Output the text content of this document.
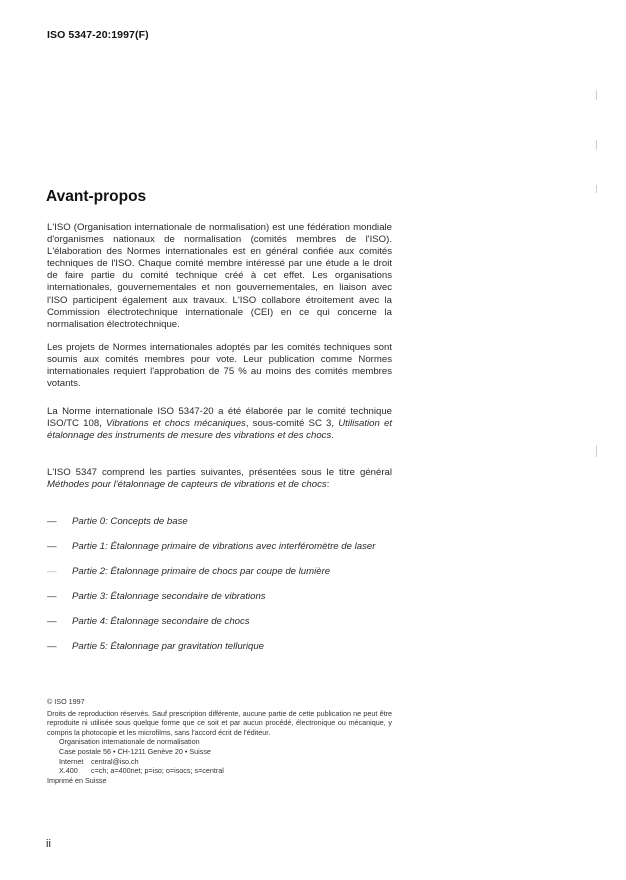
ISO 5347-20:1997(F)
Avant-propos

L'ISO (Organisation internationale de normalisation) est une fédération mondiale d'organismes nationaux de normalisation (comités membres de l'ISO). L'élaboration des Normes internationales est en général confiée aux comités techniques de l'ISO. Chaque comité membre intéressé par une étude a le droit de faire partie du comité technique créé à cet effet. Les organisations internationales, gouvernementales et non gouvernementales, en liaison avec l'ISO participent également aux travaux. L'ISO collabore étroitement avec la Commission électrotechnique internationale (CEI) en ce qui concerne la normalisation électrotechnique.

Les projets de Normes internationales adoptés par les comités techniques sont soumis aux comités membres pour vote. Leur publication comme Normes internationales requiert l'approbation de 75 % au moins des comités membres votants.

La Norme internationale ISO 5347-20 a été élaborée par le comité technique ISO/TC 108, Vibrations et chocs mécaniques, sous-comité SC 3, Utilisation et étalonnage des instruments de mesure des vibrations et des chocs.

L'ISO 5347 comprend les parties suivantes, présentées sous le titre général Méthodes pour l'étalonnage de capteurs de vibrations et de chocs:

— Partie 0: Concepts de base
— Partie 1: Étalonnage primaire de vibrations avec interféromètre de laser
— Partie 2: Étalonnage primaire de chocs par coupe de lumière
— Partie 3: Étalonnage secondaire de vibrations
— Partie 4: Étalonnage secondaire de chocs
— Partie 5: Étalonnage par gravitation tellurique

© ISO 1997

Droits de reproduction réservés. Sauf prescription différente, aucune partie de cette publication ne peut être reproduite ni utilisée sous quelque forme que ce soit et par aucun procédé, électronique ou mécanique, y compris la photocopie et les microfilms, sans l'accord écrit de l'éditeur.

Organisation internationale de normalisation

Case postale 56 • CH-1211 Genève 20 • Suisse

Internet	central@iso.ch
X.400	c=ch; a=400net; p=iso; o=isocs; s=central

Imprimé en Suisse

ii
